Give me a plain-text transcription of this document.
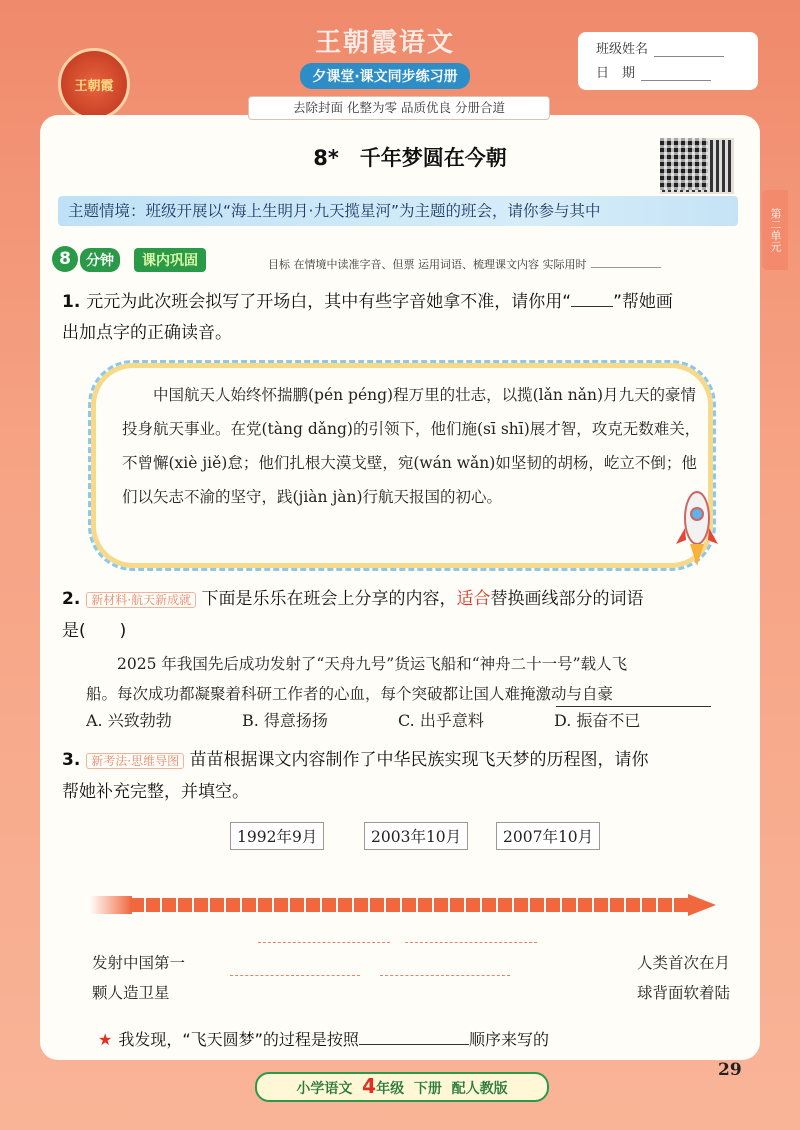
王朝霞
王朝霞语文
夕课堂·课文同步练习册
班级姓名
日　期
去除封面 化整为零 品质优良 分册合道
8*　千年梦圆在今朝
第二单元
主题情境：班级开展以“海上生明月·九天揽星河”为主题的班会，请你参与其中
8	分钟	课内巩固	目标 在情境中读准字音、但票 运用词语、梳理课文内容 实际用时
1. 元元为此次班会拟写了开场白，其中有些字音她拿不准，请你用“ ”帮她画
出加点字的正确读音。
中国航天人始终怀揣鹏(pén péng)程万里的壮志，以揽(lǎn nǎn)月九天的豪情投身航天事业。在党(tàng dǎng)的引领下，他们施(sī shī)展才智，攻克无数难关，不曾懈(xiè jiě)怠；他们扎根大漠戈壁，宛(wán wǎn)如坚韧的胡杨，屹立不倒；他们以矢志不渝的坚守，践(jiàn jàn)行航天报国的初心。
2. 新材料·航天新成就 下面是乐乐在班会上分享的内容，适合替换画线部分的词语
是(　　)
2025 年我国先后成功发射了“天舟九号”货运飞船和“神舟二十一号”载人飞
船。每次成功都凝聚着科研工作者的心血，每个突破都让国人难掩激动与自豪
A. 兴致勃勃	B. 得意扬扬	C. 出乎意料	D. 振奋不已
3. 新考法·思维导图 苗苗根据课文内容制作了中华民族实现飞天梦的历程图，请你
帮她补充完整，并填空。
1992年9月	2003年10月	2007年10月
发射中国第一
颗人造卫星
人类首次在月
球背面软着陆
★ 我发现，“飞天圆梦”的过程是按照	顺序来写的
29
小学语文 4年级 下册 配人教版
